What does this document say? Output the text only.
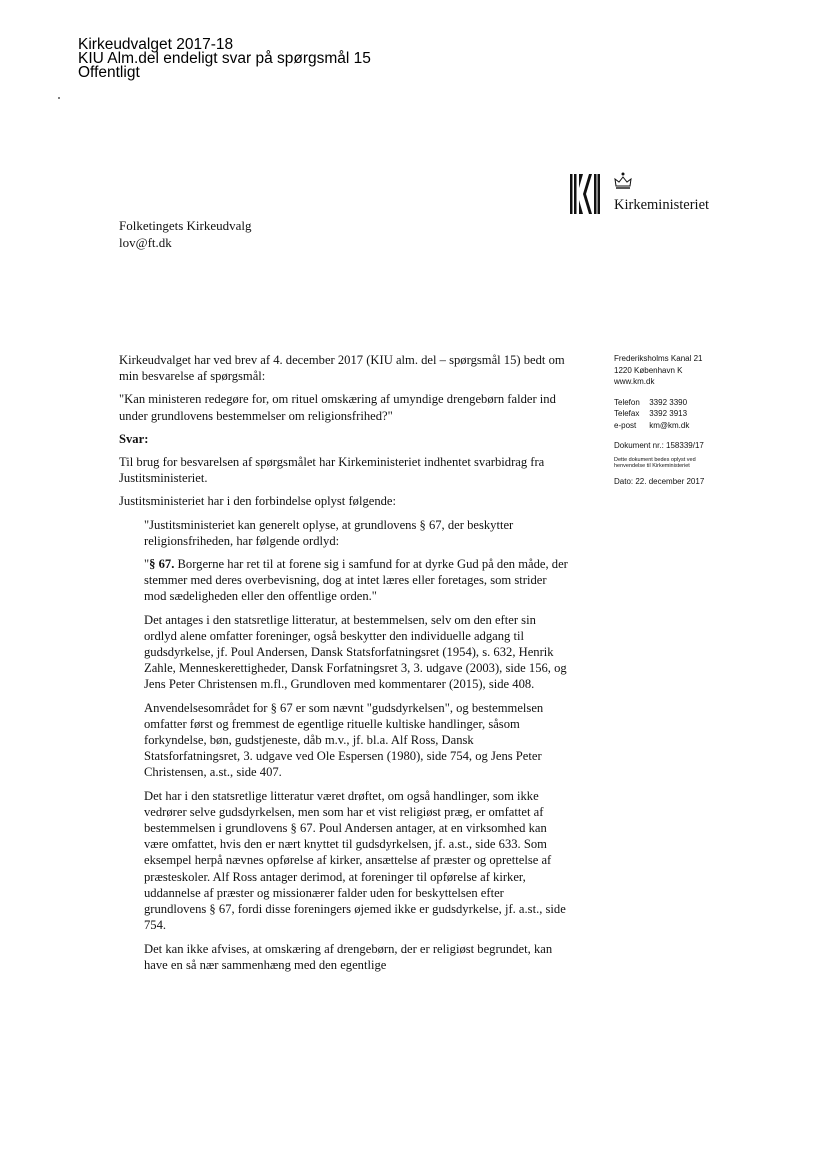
Kirkeudvalget 2017-18
KIU Alm.del endeligt svar på spørgsmål 15
Offentligt
Kirkeministeriet
Folketingets Kirkeudvalg
lov@ft.dk
Frederiksholms Kanal 21
1220 København K
www.km.dk
Telefon 3392 3390
Telefax 3392 3913
e-post km@km.dk
Dokument nr.: 158339/17
Dette dokument bedes oplyst ved
henvendelse til Kirkeministeriet
Dato: 22. december 2017

Kirkeudvalget har ved brev af 4. december 2017 (KIU alm. del – spørgsmål 15) bedt om min besvarelse af spørgsmål:

"Kan ministeren redegøre for, om rituel omskæring af umyndige drengebørn falder ind under grundlovens bestemmelser om religionsfrihed?"

Svar:

Til brug for besvarelsen af spørgsmålet har Kirkeministeriet indhentet svarbidrag fra Justitsministeriet.

Justitsministeriet har i den forbindelse oplyst følgende:

"Justitsministeriet kan generelt oplyse, at grundlovens § 67, der beskytter religionsfriheden, har følgende ordlyd:

"§ 67. Borgerne har ret til at forene sig i samfund for at dyrke Gud på den måde, der stemmer med deres overbevisning, dog at intet læres eller foretages, som strider mod sædeligheden eller den offentlige orden."

Det antages i den statsretlige litteratur, at bestemmelsen, selv om den efter sin ordlyd alene omfatter foreninger, også beskytter den individuelle adgang til gudsdyrkelse, jf. Poul Andersen, Dansk Statsforfatningsret (1954), s. 632, Henrik Zahle, Menneskerettigheder, Dansk Forfatningsret 3, 3. udgave (2003), side 156, og Jens Peter Christensen m.fl., Grundloven med kommentarer (2015), side 408.

Anvendelsesområdet for § 67 er som nævnt "gudsdyrkelsen", og bestemmelsen omfatter først og fremmest de egentlige rituelle kultiske handlinger, såsom forkyndelse, bøn, gudstjeneste, dåb m.v., jf. bl.a. Alf Ross, Dansk Statsforfatningsret, 3. udgave ved Ole Espersen (1980), side 754, og Jens Peter Christensen, a.st., side 407.

Det har i den statsretlige litteratur været drøftet, om også handlinger, som ikke vedrører selve gudsdyrkelsen, men som har et vist religiøst præg, er omfattet af bestemmelsen i grundlovens § 67. Poul Andersen antager, at en virksomhed kan være omfattet, hvis den er nært knyttet til gudsdyrkelsen, jf. a.st., side 633. Som eksempel herpå nævnes opførelse af kirker, ansættelse af præster og oprettelse af præsteskoler. Alf Ross antager derimod, at foreninger til opførelse af kirker, uddannelse af præster og missionærer falder uden for beskyttelsen efter grundlovens § 67, fordi disse foreningers øjemed ikke er gudsdyrkelse, jf. a.st., side 754.

Det kan ikke afvises, at omskæring af drengebørn, der er religiøst begrundet, kan have en så nær sammenhæng med den egentlige
